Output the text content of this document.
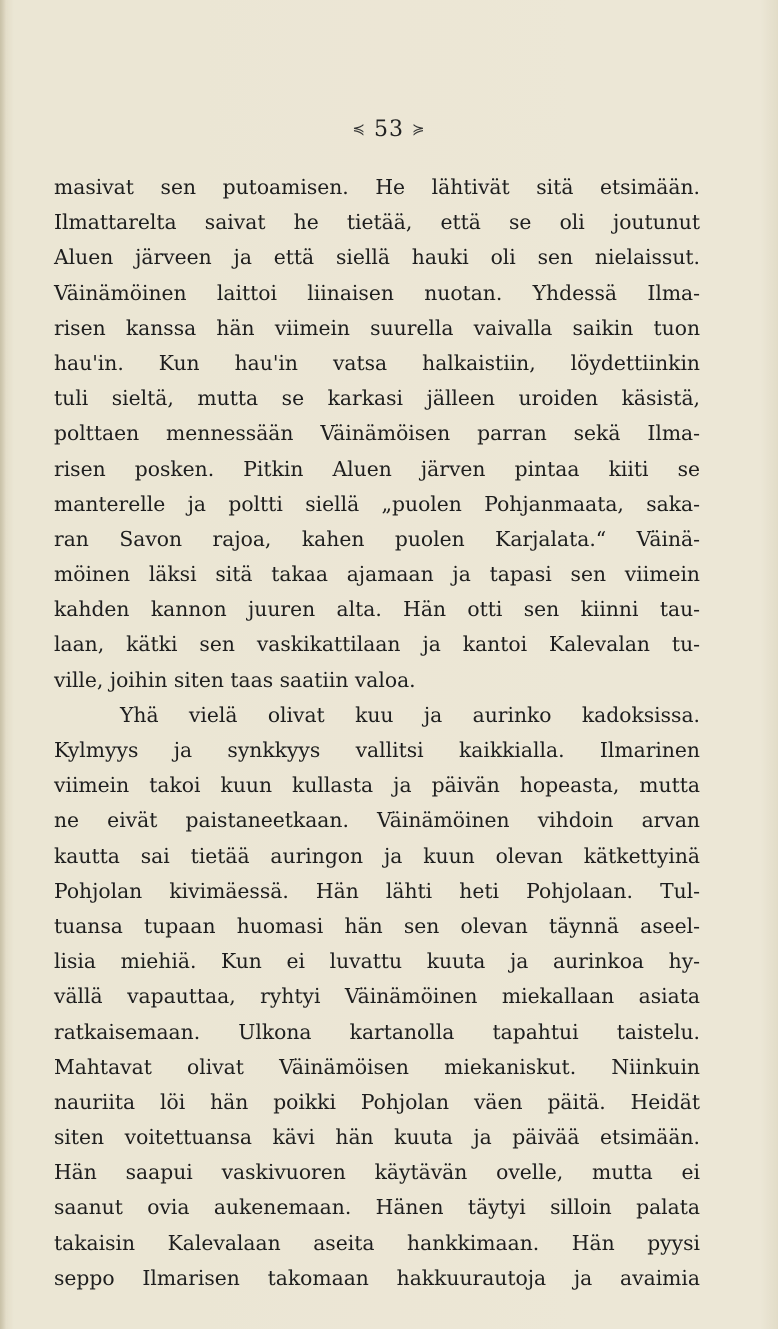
≼ 53 ≽
masivat sen putoamisen. He lähtivät sitä etsimään.
Ilmattarelta saivat he tietää, että se oli joutunut
Aluen järveen ja että siellä hauki oli sen nielaissut.
Väinämöinen laittoi liinaisen nuotan. Yhdessä Ilma-
risen kanssa hän viimein suurella vaivalla saikin tuon
hau'in. Kun hau'in vatsa halkaistiin, löydettiinkin
tuli sieltä, mutta se karkasi jälleen uroiden käsistä,
polttaen mennessään Väinämöisen parran sekä Ilma-
risen posken. Pitkin Aluen järven pintaa kiiti se
manterelle ja poltti siellä „puolen Pohjanmaata, saka-
ran Savon rajoa, kahen puolen Karjalata.“ Väinä-
möinen läksi sitä takaa ajamaan ja tapasi sen viimein
kahden kannon juuren alta. Hän otti sen kiinni tau-
laan, kätki sen vaskikattilaan ja kantoi Kalevalan tu-
ville, joihin siten taas saatiin valoa.
Yhä vielä olivat kuu ja aurinko kadoksissa.
Kylmyys ja synkkyys vallitsi kaikkialla. Ilmarinen
viimein takoi kuun kullasta ja päivän hopeasta, mutta
ne eivät paistaneetkaan. Väinämöinen vihdoin arvan
kautta sai tietää auringon ja kuun olevan kätkettyinä
Pohjolan kivimäessä. Hän lähti heti Pohjolaan. Tul-
tuansa tupaan huomasi hän sen olevan täynnä aseel-
lisia miehiä. Kun ei luvattu kuuta ja aurinkoa hy-
vällä vapauttaa, ryhtyi Väinämöinen miekallaan asiata
ratkaisemaan. Ulkona kartanolla tapahtui taistelu.
Mahtavat olivat Väinämöisen miekaniskut. Niinkuin
nauriita löi hän poikki Pohjolan väen päitä. Heidät
siten voitettuansa kävi hän kuuta ja päivää etsimään.
Hän saapui vaskivuoren käytävän ovelle, mutta ei
saanut ovia aukenemaan. Hänen täytyi silloin palata
takaisin Kalevalaan aseita hankkimaan. Hän pyysi
seppo Ilmarisen takomaan hakkuurautoja ja avaimia
